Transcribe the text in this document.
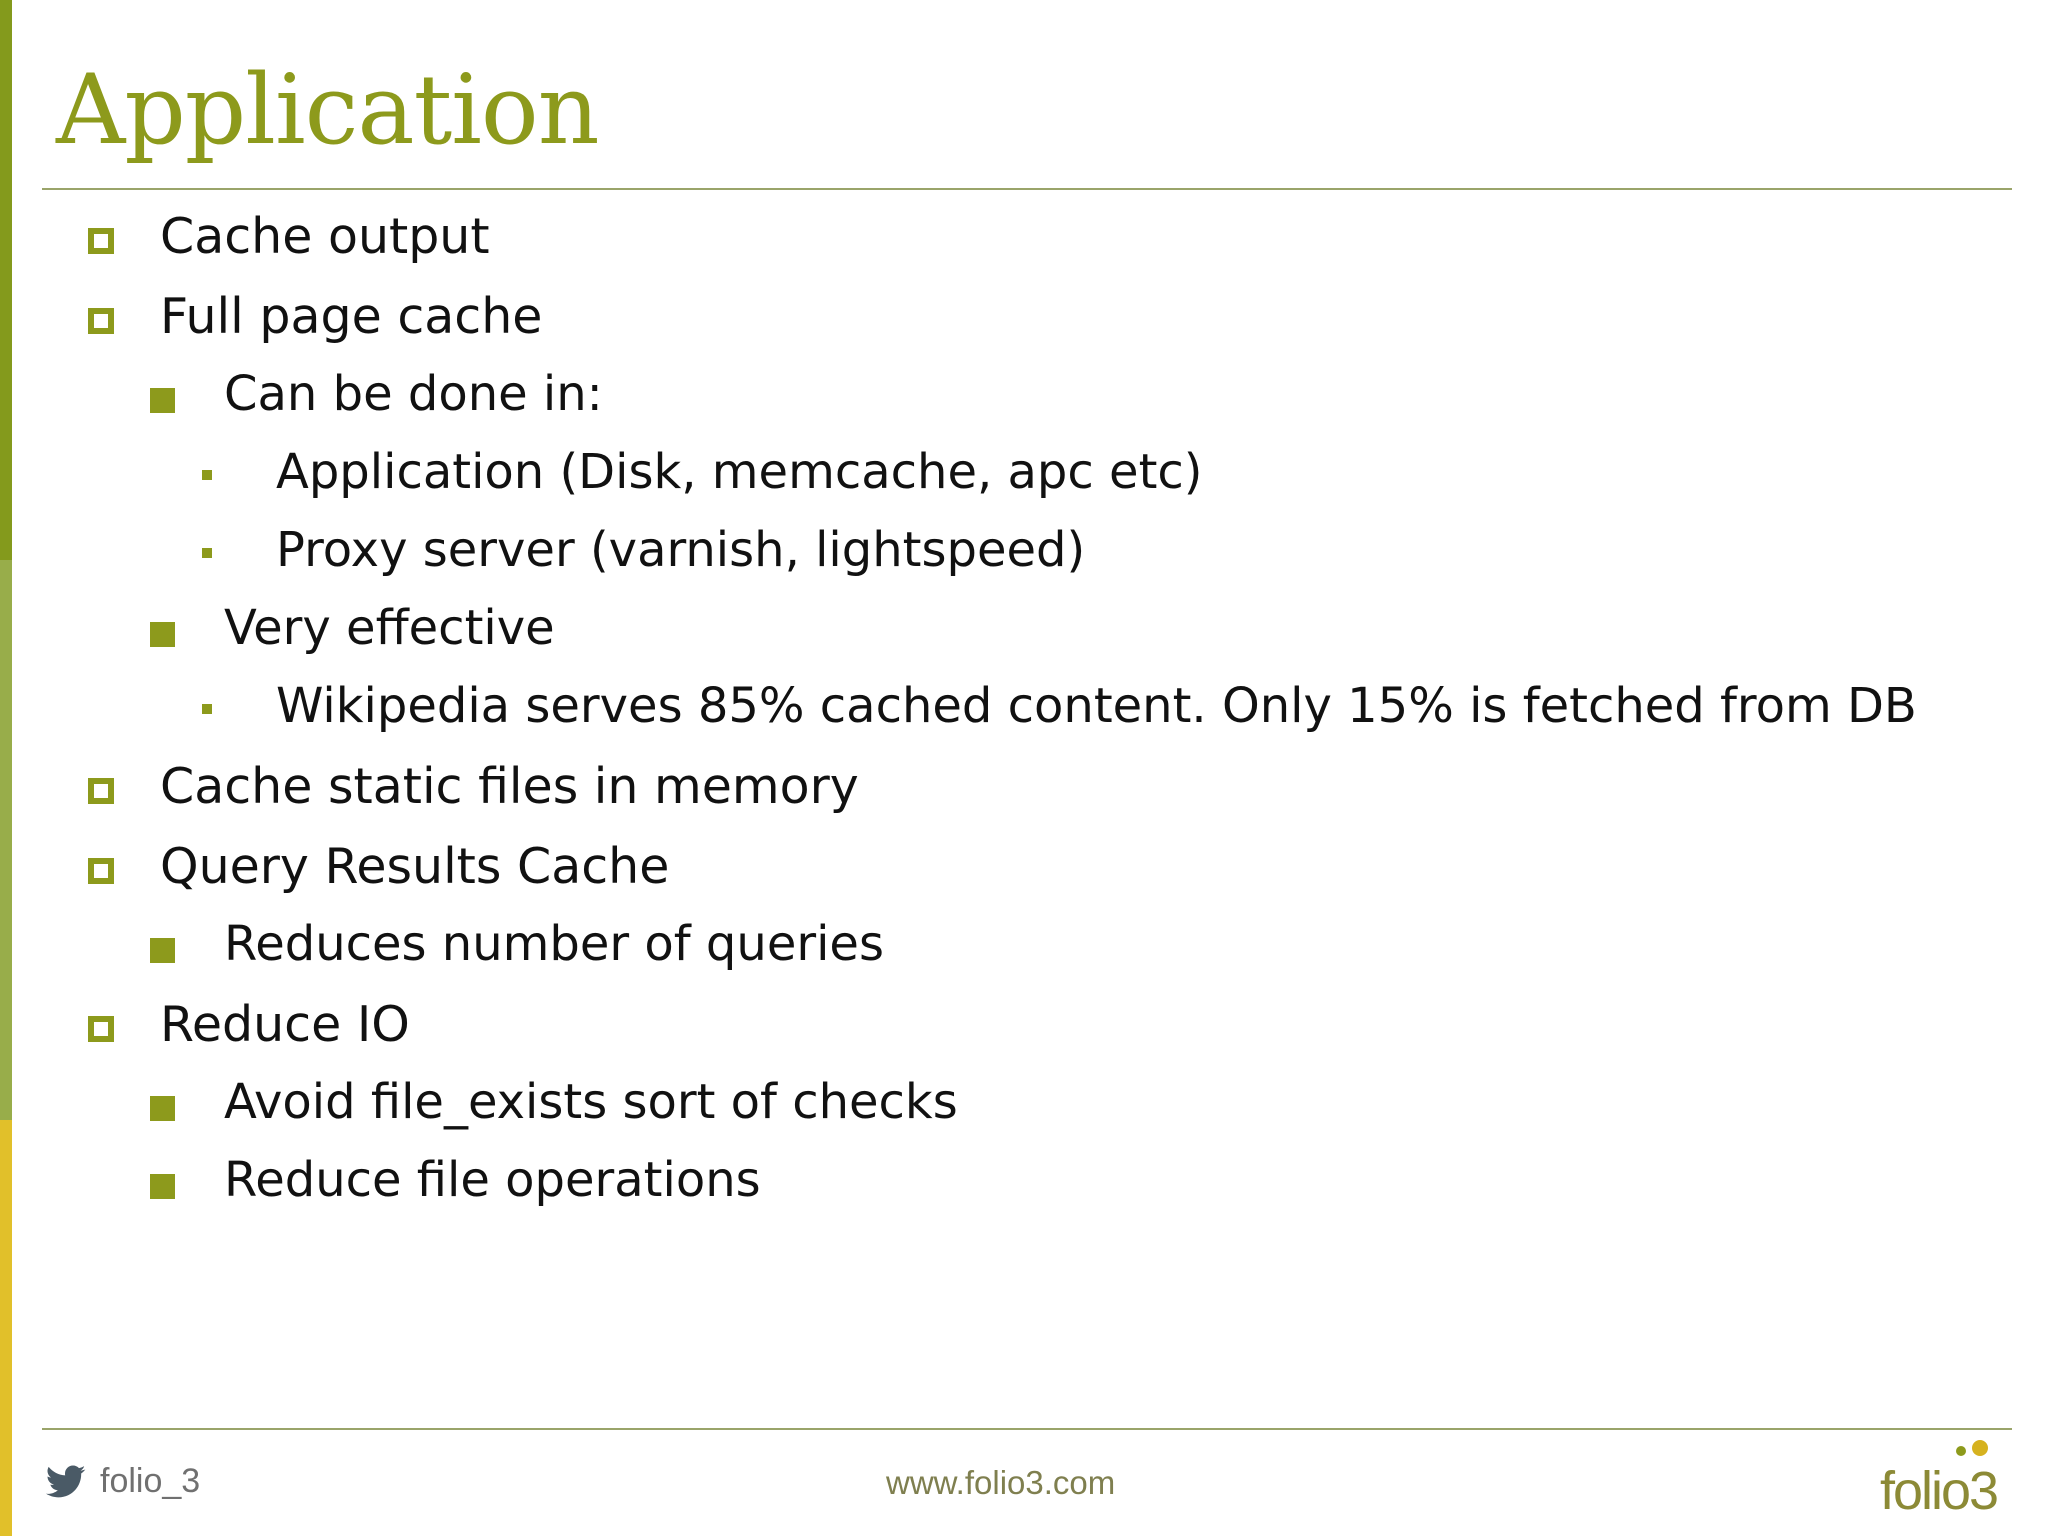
Application
Cache output
Full page cache
Can be done in:
Application (Disk, memcache, apc etc)
Proxy server (varnish, lightspeed)
Very effective
Wikipedia serves 85% cached content. Only 15% is fetched from DB
Cache static files in memory
Query Results Cache
Reduces number of queries
Reduce IO
Avoid file_exists sort of checks
Reduce file operations
folio_3	www.folio3.com	folio3
